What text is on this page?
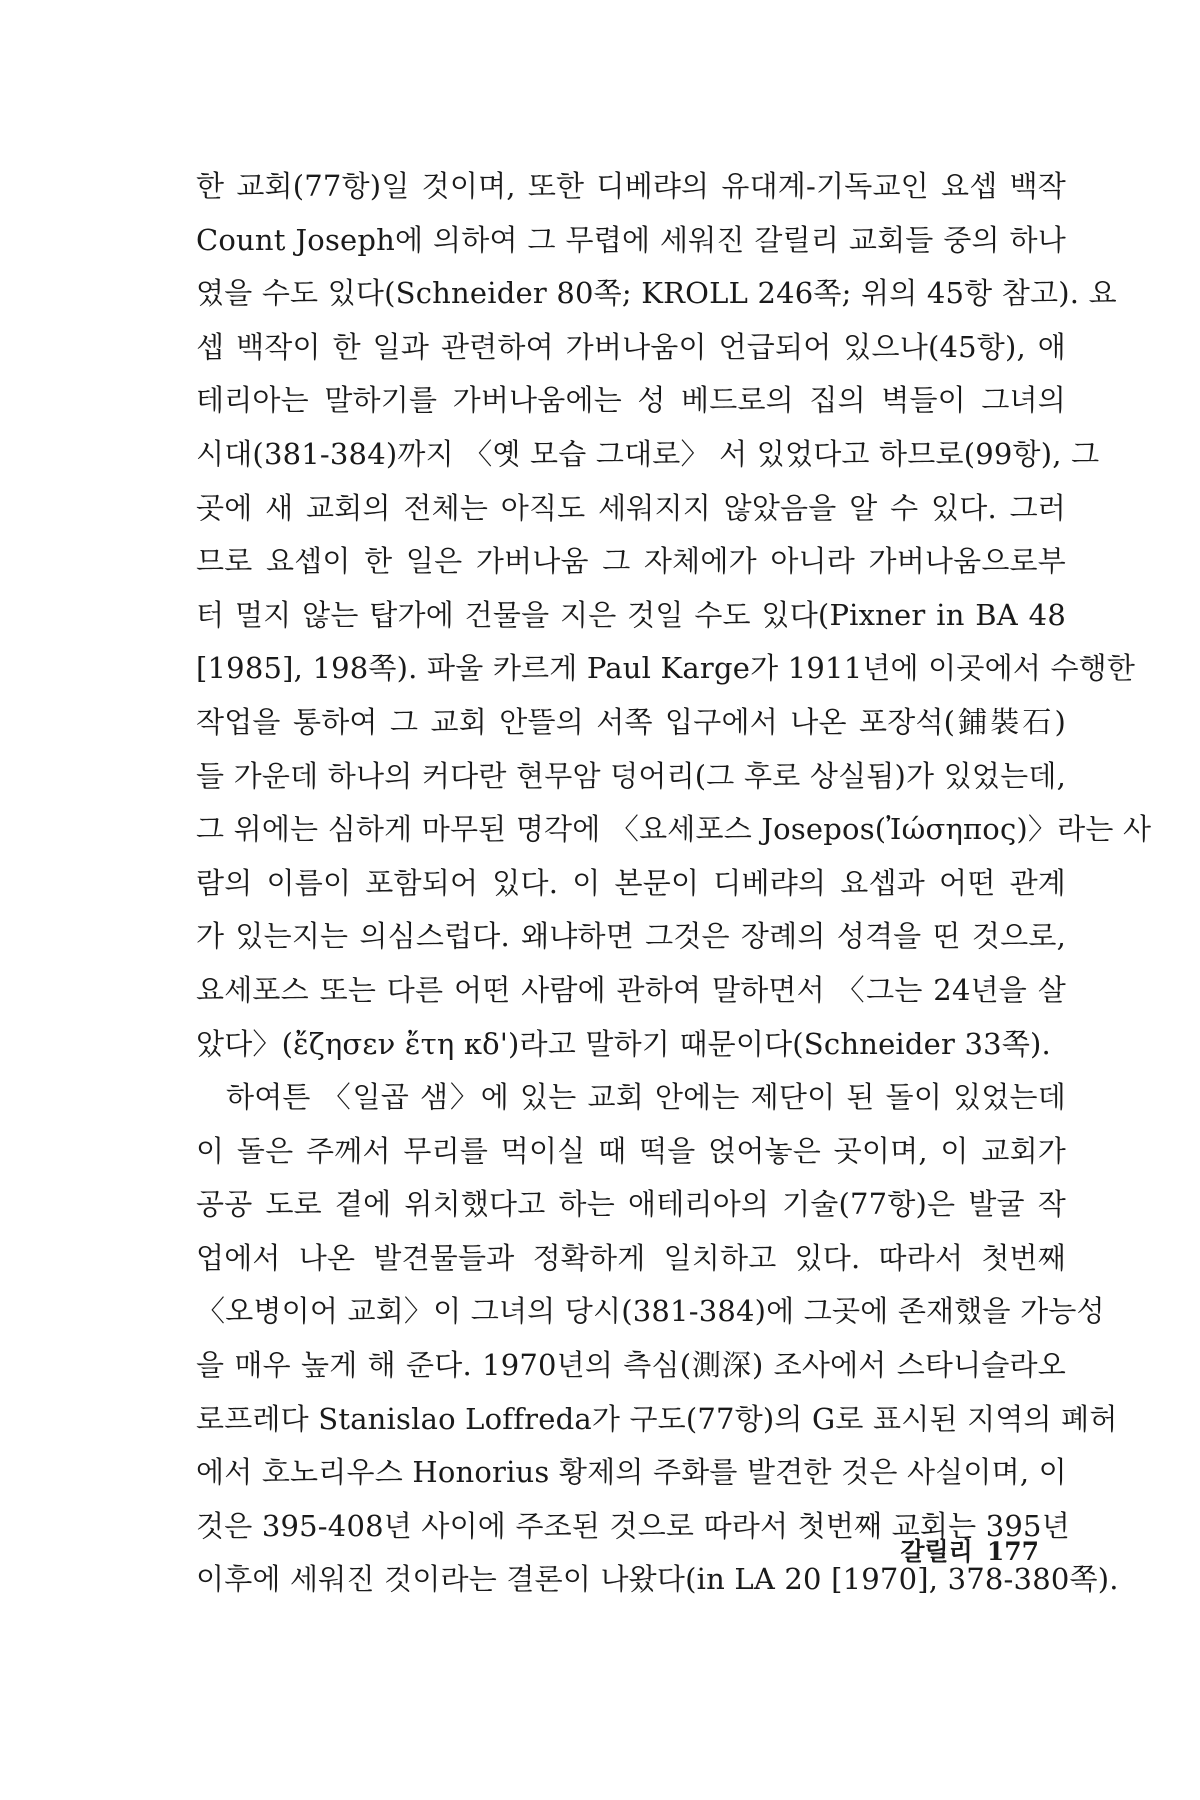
한 교회(77항)일 것이며, 또한 디베랴의 유대계-기독교인 요셉 백작
Count Joseph에 의하여 그 무렵에 세워진 갈릴리 교회들 중의 하나
였을 수도 있다(Schneider 80쪽; KROLL 246쪽; 위의 45항 참고). 요
셉 백작이 한 일과 관련하여 가버나움이 언급되어 있으나(45항), 애
테리아는 말하기를 가버나움에는 성 베드로의 집의 벽들이 그녀의
시대(381-384)까지 〈옛 모습 그대로〉 서 있었다고 하므로(99항), 그
곳에 새 교회의 전체는 아직도 세워지지 않았음을 알 수 있다. 그러
므로 요셉이 한 일은 가버나움 그 자체에가 아니라 가버나움으로부
터 멀지 않는 탑가에 건물을 지은 것일 수도 있다(Pixner in BA 48
[1985], 198쪽). 파울 카르게 Paul Karge가 1911년에 이곳에서 수행한
작업을 통하여 그 교회 안뜰의 서쪽 입구에서 나온 포장석(鋪裝石)
들 가운데 하나의 커다란 현무암 덩어리(그 후로 상실됨)가 있었는데,
그 위에는 심하게 마무된 명각에 〈요세포스 Josepos(Ἰώσηπος)〉라는 사
람의 이름이 포함되어 있다. 이 본문이 디베랴의 요셉과 어떤 관계
가 있는지는 의심스럽다. 왜냐하면 그것은 장례의 성격을 띤 것으로,
요세포스 또는 다른 어떤 사람에 관하여 말하면서 〈그는 24년을 살
았다〉(ἔζησεν ἔτη κδ')라고 말하기 때문이다(Schneider 33쪽).
하여튼 〈일곱 샘〉에 있는 교회 안에는 제단이 된 돌이 있었는데
이 돌은 주께서 무리를 먹이실 때 떡을 얹어놓은 곳이며, 이 교회가
공공 도로 곁에 위치했다고 하는 애테리아의 기술(77항)은 발굴 작
업에서 나온 발견물들과 정확하게 일치하고 있다. 따라서 첫번째
〈오병이어 교회〉이 그녀의 당시(381-384)에 그곳에 존재했을 가능성
을 매우 높게 해 준다. 1970년의 측심(測深) 조사에서 스타니슬라오
로프레다 Stanislao Loffreda가 구도(77항)의 G로 표시된 지역의 폐허
에서 호노리우스 Honorius 황제의 주화를 발견한 것은 사실이며, 이
것은 395-408년 사이에 주조된 것으로 따라서 첫번째 교회는 395년
이후에 세워진 것이라는 결론이 나왔다(in LA 20 [1970], 378-380쪽).
갈릴리 177
